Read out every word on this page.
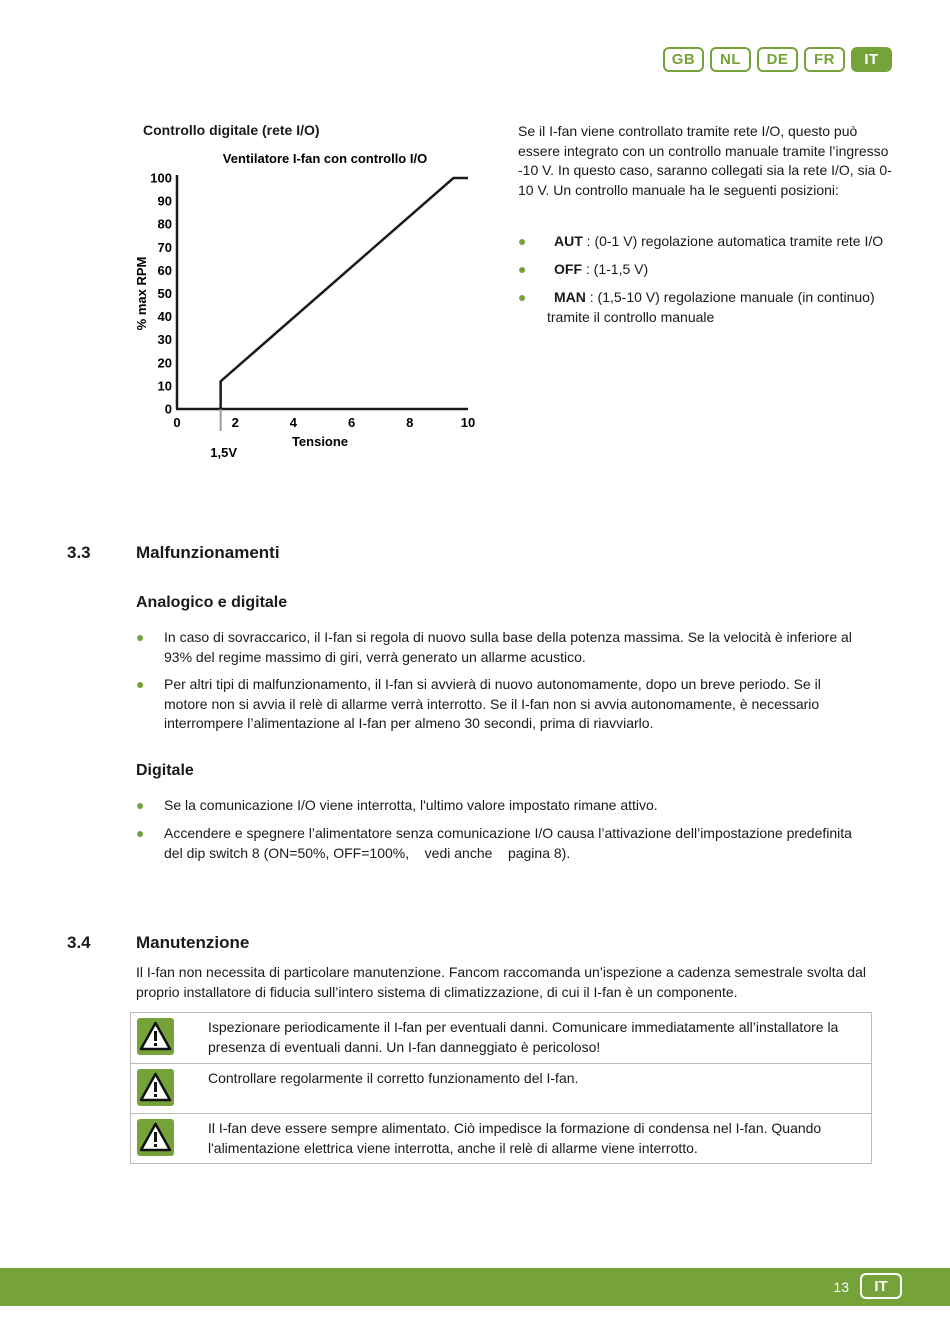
GB	NL	DE	FR	IT
Controllo digitale (rete I/O)
Ventilatore I-fan con controllo I/O
0
10
20
30
40
50
60
70
80
90
100
0	2	4	6	8	10
1,5V
Tensione
% max RPM
Se il I-fan viene controllato tramite rete I/O, questo può essere integrato con un controllo manuale tramite l’ingresso -10 V. In questo caso, saranno collegati sia la rete I/O, sia 0-10 V. Un controllo manuale ha le seguenti posizioni:
●	AUT : (0-1 V) regolazione automatica tramite rete I/O
●	OFF : (1-1,5 V)
●	MAN : (1,5-10 V) regolazione manuale (in continuo)
tramite il controllo manuale
3.3	Malfunzionamenti
Analogico e digitale
●	In caso di sovraccarico, il I-fan si regola di nuovo sulla base della potenza massima. Se la velocità è inferiore al 93% del regime massimo di giri, verrà generato un allarme acustico.
●	Per altri tipi di malfunzionamento, il I-fan si avvierà di nuovo autonomamente, dopo un breve periodo. Se il motore non si avvia il relè di allarme verrà interrotto. Se il I-fan non si avvia autonomamente, è necessario interrompere l’alimentazione al I-fan per almeno 30 secondi, prima di riavviarlo.
Digitale
●	Se la comunicazione I/O viene interrotta, l'ultimo valore impostato rimane attivo.
●	Accendere e spegnere l’alimentatore senza comunicazione I/O causa l’attivazione dell’impostazione predefinita del dip switch 8 (ON=50%, OFF=100%,    vedi anche    pagina 8).
3.4	Manutenzione
Il I-fan non necessita di particolare manutenzione. Fancom raccomanda un’ispezione a cadenza semestrale svolta dal proprio installatore di fiducia sull’intero sistema di climatizzazione, di cui il I-fan è un componente.
Ispezionare periodicamente il I-fan per eventuali danni. Comunicare immediatamente all’installatore la presenza di eventuali danni. Un I-fan danneggiato è pericoloso!
Controllare regolarmente il corretto funzionamento del I-fan.
Il I-fan deve essere sempre alimentato. Ciò impedisce la formazione di condensa nel I-fan. Quando l'alimentazione elettrica viene interrotta, anche il relè di allarme viene interrotto.
13	IT
